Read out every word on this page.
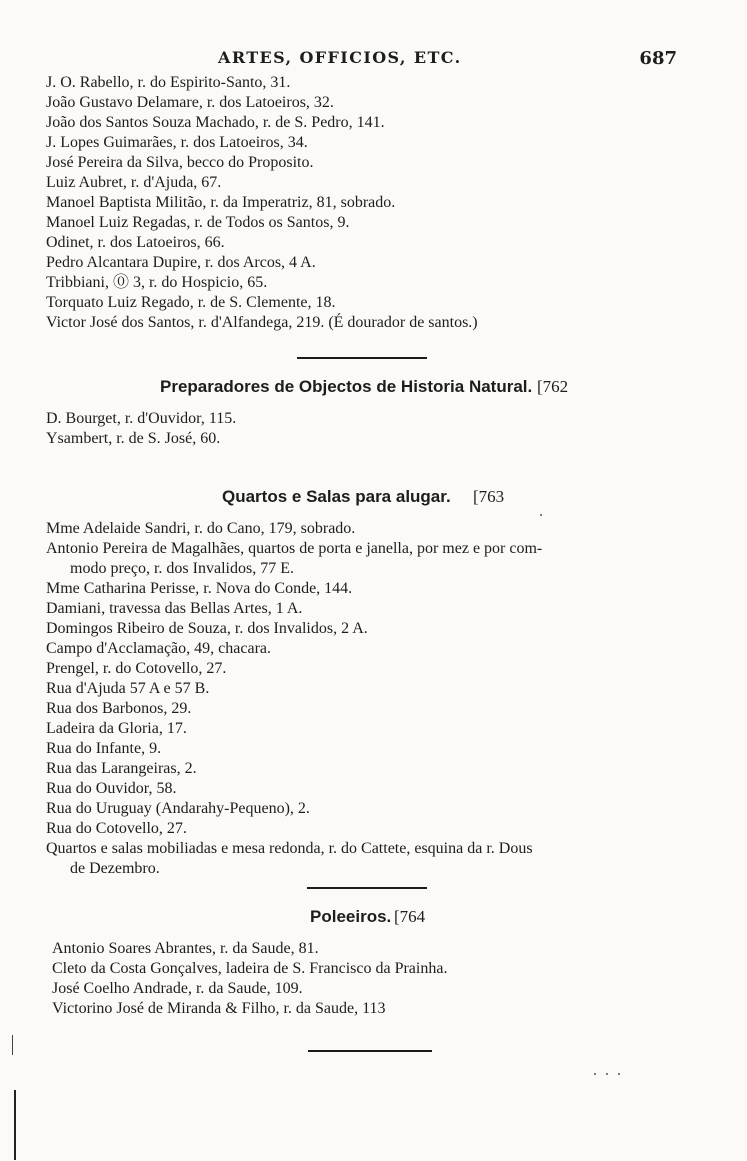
ARTES, OFFICIOS, ETC.	687
J. O. Rabello, r. do Espirito-Santo, 31.
João Gustavo Delamare, r. dos Latoeiros, 32.
João dos Santos Souza Machado, r. de S. Pedro, 141.
J. Lopes Guimarães, r. dos Latoeiros, 34.
José Pereira da Silva, becco do Proposito.
Luiz Aubret, r. d'Ajuda, 67.
Manoel Baptista Militão, r. da Imperatriz, 81, sobrado.
Manoel Luiz Regadas, r. de Todos os Santos, 9.
Odinet, r. dos Latoeiros, 66.
Pedro Alcantara Dupire, r. dos Arcos, 4 A.
Tribbiani, ⓪ 3, r. do Hospicio, 65.
Torquato Luiz Regado, r. de S. Clemente, 18.
Victor José dos Santos, r. d'Alfandega, 219. (É dourador de santos.)
Preparadores de Objectos de Historia Natural. [762
D. Bourget, r. d'Ouvidor, 115.
Ysambert, r. de S. José, 60.
Quartos e Salas para alugar. [763
Mme Adelaide Sandri, r. do Cano, 179, sobrado.
Antonio Pereira de Magalhães, quartos de porta e janella, por mez e por com-
modo preço, r. dos Invalidos, 77 E.
Mme Catharina Perisse, r. Nova do Conde, 144.
Damiani, travessa das Bellas Artes, 1 A.
Domingos Ribeiro de Souza, r. dos Invalidos, 2 A.
Campo d'Acclamação, 49, chacara.
Prengel, r. do Cotovello, 27.
Rua d'Ajuda 57 A e 57 B.
Rua dos Barbonos, 29.
Ladeira da Gloria, 17.
Rua do Infante, 9.
Rua das Larangeiras, 2.
Rua do Ouvidor, 58.
Rua do Uruguay (Andarahy-Pequeno), 2.
Rua do Cotovello, 27.
Quartos e salas mobiliadas e mesa redonda, r. do Cattete, esquina da r. Dous
de Dezembro.
Poleeiros. [764
Antonio Soares Abrantes, r. da Saude, 81.
Cleto da Costa Gonçalves, ladeira de S. Francisco da Prainha.
José Coelho Andrade, r. da Saude, 109.
Victorino José de Miranda & Filho, r. da Saude, 113
